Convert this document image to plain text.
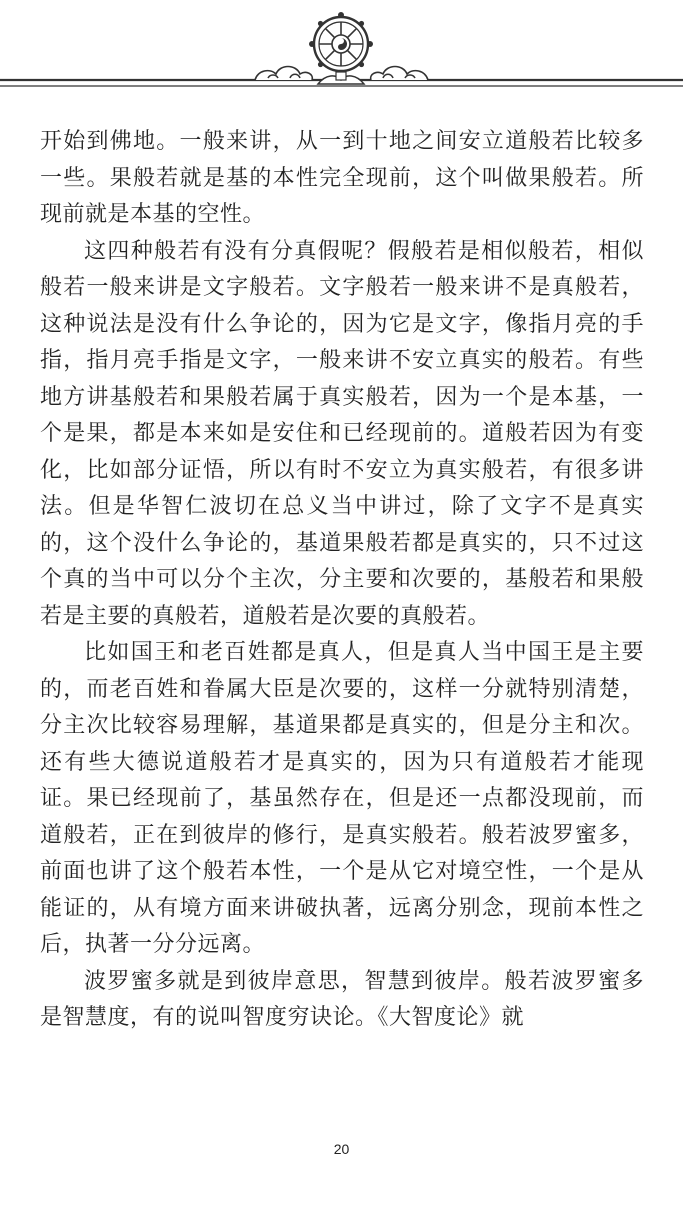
开始到佛地。一般来讲，从一到十地之间安立道般若比较多一些。果般若就是基的本性完全现前，这个叫做果般若。所现前就是本基的空性。

这四种般若有没有分真假呢？假般若是相似般若，相似般若一般来讲是文字般若。文字般若一般来讲不是真般若，这种说法是没有什么争论的，因为它是文字，像指月亮的手指，指月亮手指是文字，一般来讲不安立真实的般若。有些地方讲基般若和果般若属于真实般若，因为一个是本基，一个是果，都是本来如是安住和已经现前的。道般若因为有变化，比如部分证悟，所以有时不安立为真实般若，有很多讲法。但是华智仁波切在总义当中讲过，除了文字不是真实的，这个没什么争论的，基道果般若都是真实的，只不过这个真的当中可以分个主次，分主要和次要的，基般若和果般若是主要的真般若，道般若是次要的真般若。

比如国王和老百姓都是真人，但是真人当中国王是主要的，而老百姓和眷属大臣是次要的，这样一分就特别清楚，分主次比较容易理解，基道果都是真实的，但是分主和次。还有些大德说道般若才是真实的，因为只有道般若才能现证。果已经现前了，基虽然存在，但是还一点都没现前，而道般若，正在到彼岸的修行，是真实般若。般若波罗蜜多，前面也讲了这个般若本性，一个是从它对境空性，一个是从能证的，从有境方面来讲破执著，远离分别念，现前本性之后，执著一分分远离。

波罗蜜多就是到彼岸意思，智慧到彼岸。般若波罗蜜多是智慧度，有的说叫智度穷诀论。《大智度论》就

20
